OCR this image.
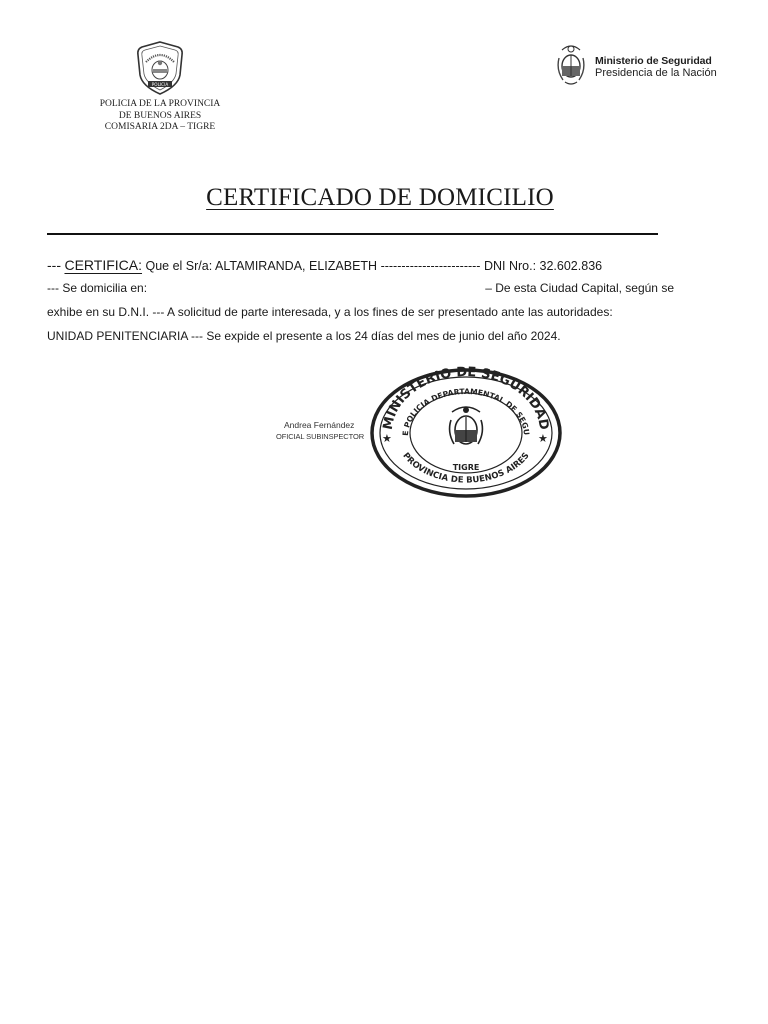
POLICIA
POLICIA DE LA PROVINCIA
DE BUENOS AIRES
COMISARIA 2DA – TIGRE
Ministerio de Seguridad
Presidencia de la Nación
CERTIFICADO DE DOMICILIO
--- CERTIFICA: Que el Sr/a: ALTAMIRANDA, ELIZABETH ------------------------ DNI Nro.: 32.602.836
--- Se domicilia en:	– De esta Ciudad Capital, según se
exhibe en su D.N.I. --- A solicitud de parte interesada, y a los fines de ser presentado ante las autoridades:
UNIDAD PENITENCIARIA --- Se expide el presente a los 24 días del mes de junio del año 2024.
Andrea Fernández
OFICIAL SUBINSPECTOR
MINISTERIO DE SEGURIDAD
E POLICIA DEPARTAMENTAL DE SEGU
PROVINCIA DE BUENOS AIRES
★	★
TIGRE
